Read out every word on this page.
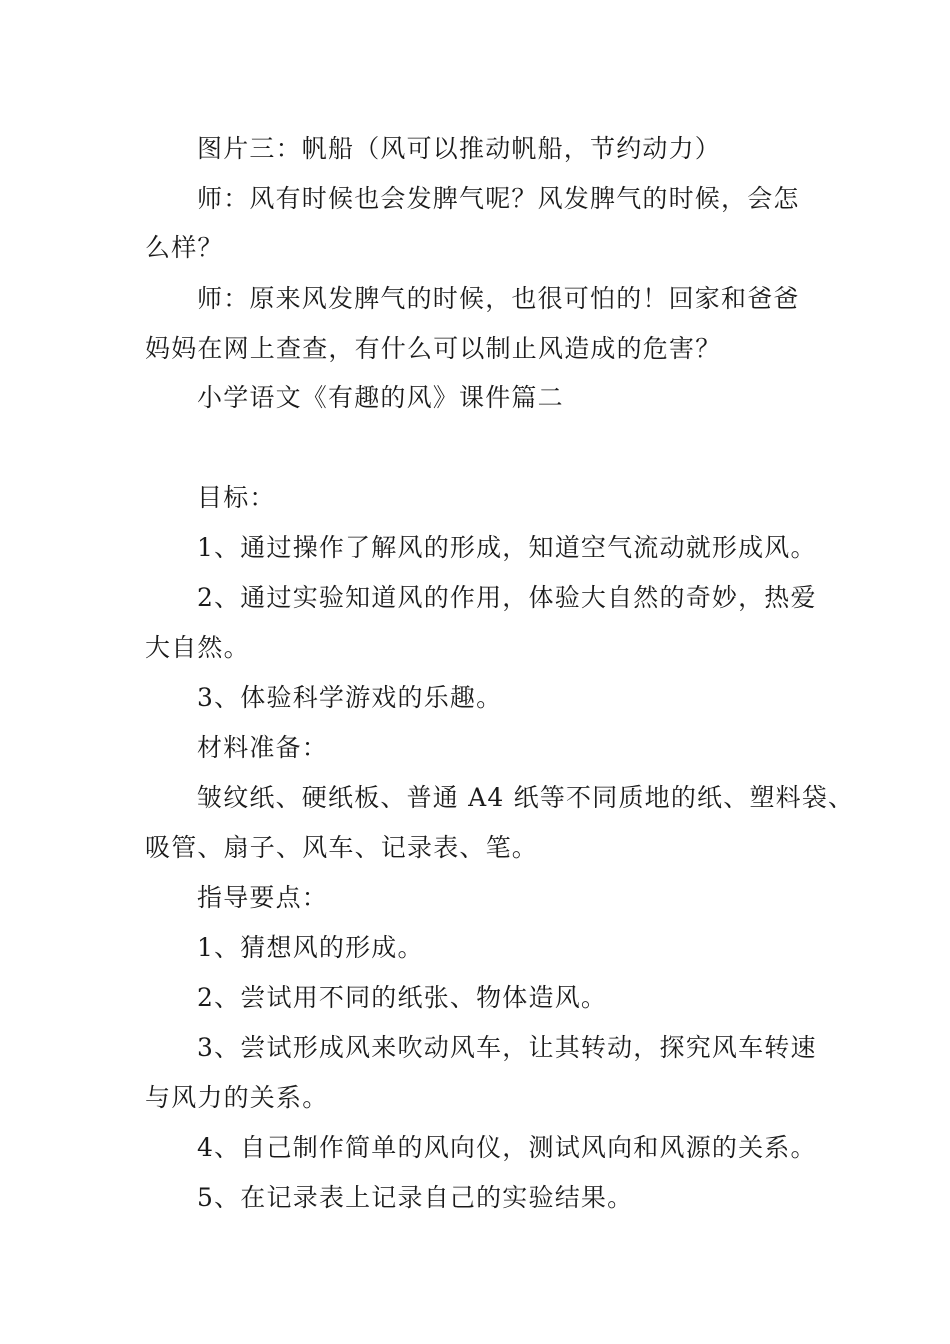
图片三：帆船（风可以推动帆船，节约动力）
师：风有时候也会发脾气呢？风发脾气的时候，会怎
么样？
师：原来风发脾气的时候，也很可怕的！回家和爸爸
妈妈在网上查查，有什么可以制止风造成的危害？
小学语文《有趣的风》课件篇二
目标：
1、通过操作了解风的形成，知道空气流动就形成风。
2、通过实验知道风的作用，体验大自然的奇妙，热爱
大自然。
3、体验科学游戏的乐趣。
材料准备：
皱纹纸、硬纸板、普通 A4 纸等不同质地的纸、塑料袋、
吸管、扇子、风车、记录表、笔。
指导要点：
1、猜想风的形成。
2、尝试用不同的纸张、物体造风。
3、尝试形成风来吹动风车，让其转动，探究风车转速
与风力的关系。
4、自己制作简单的风向仪，测试风向和风源的关系。
5、在记录表上记录自己的实验结果。
